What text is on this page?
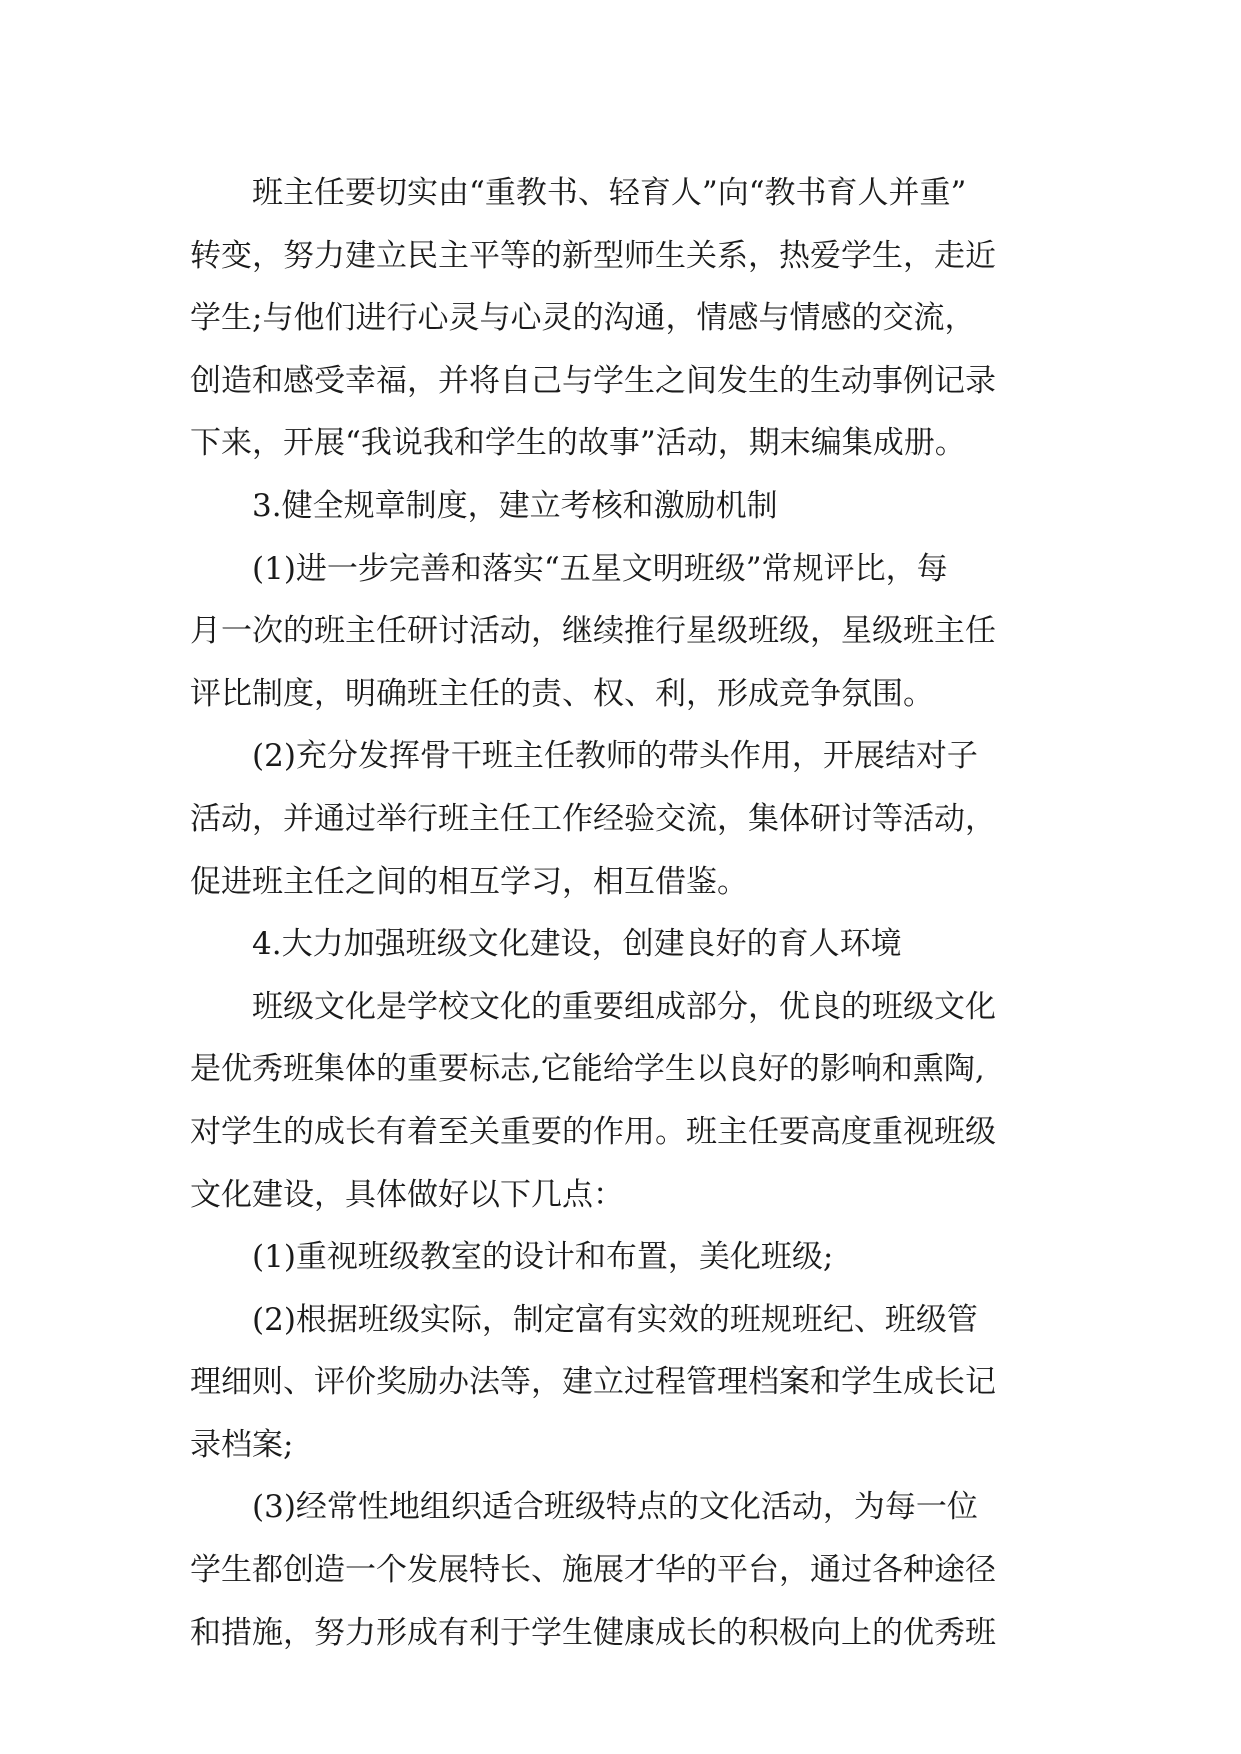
班主任要切实由“重教书、轻育人”向“教书育人并重”
转变，努力建立民主平等的新型师生关系，热爱学生，走近
学生;与他们进行心灵与心灵的沟通，情感与情感的交流，
创造和感受幸福，并将自己与学生之间发生的生动事例记录
下来，开展“我说我和学生的故事”活动，期末编集成册。
3.健全规章制度，建立考核和激励机制
(1)进一步完善和落实“五星文明班级”常规评比，每
月一次的班主任研讨活动，继续推行星级班级，星级班主任
评比制度，明确班主任的责、权、利，形成竞争氛围。
(2)充分发挥骨干班主任教师的带头作用，开展结对子
活动，并通过举行班主任工作经验交流，集体研讨等活动，
促进班主任之间的相互学习，相互借鉴。
4.大力加强班级文化建设，创建良好的育人环境
班级文化是学校文化的重要组成部分，优良的班级文化
是优秀班集体的重要标志,它能给学生以良好的影响和熏陶,
对学生的成长有着至关重要的作用。班主任要高度重视班级
文化建设，具体做好以下几点：
(1)重视班级教室的设计和布置，美化班级;
(2)根据班级实际，制定富有实效的班规班纪、班级管
理细则、评价奖励办法等，建立过程管理档案和学生成长记
录档案;
(3)经常性地组织适合班级特点的文化活动，为每一位
学生都创造一个发展特长、施展才华的平台，通过各种途径
和措施，努力形成有利于学生健康成长的积极向上的优秀班
